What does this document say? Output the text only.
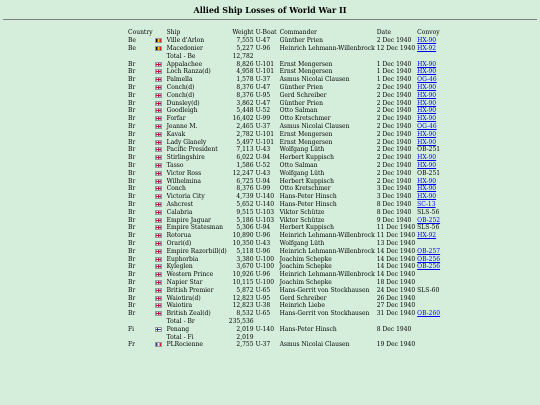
Allied Ship Losses of World War II
Country		Ship	Weight	U-Boat	Commander	Date	Convoy
Be		Ville d'Arlon	7,555	U-47	Günther Prien	2 Dec 1940	HX-90
Be		Macedonier	5,227	U-96	Heinrich Lehmann-Willenbrock	12 Dec 1940	HX-92
		Total - Be	12,782				
Br		Appalachee	8,826	U-101	Ernst Mengersen	1 Dec 1940	HX-90
Br		Loch Ranza(d)	4,958	U-101	Ernst Mengersen	1 Dec 1940	HX-90
Br		Palmella	1,578	U-37	Asmus Nicolai Clausen	1 Dec 1940	OG-46
Br		Conch(d)	8,376	U-47	Günther Prien	2 Dec 1940	HX-90
Br		Conch(d)	8,376	U-95	Gerd Schreiber	2 Dec 1940	HX-90
Br		Dunsley(d)	3,862	U-47	Günther Prien	2 Dec 1940	HX-90
Br		Goodleigh	5,448	U-52	Otto Salman	2 Dec 1940	HX-90
Br		Forfar	16,402	U-99	Otto Kretschmer	2 Dec 1940	HX-90
Br		Jeanne M.	2,465	U-37	Asmus Nicolai Clausen	2 Dec 1940	OG-46
Br		Kavak	2,782	U-101	Ernst Mengersen	2 Dec 1940	HX-90
Br		Lady Glanely	5,497	U-101	Ernst Mengersen	2 Dec 1940	HX-90
Br		Pacific President	7,113	U-43	Wolfgang Lüth	2 Dec 1940	OB-251
Br		Stirlingshire	6,022	U-94	Herbert Kuppisch	2 Dec 1940	HX-90
Br		Tasso	1,586	U-52	Otto Salman	2 Dec 1940	HX-90
Br		Victor Ross	12,247	U-43	Wolfgang Lüth	2 Dec 1940	OB-251
Br		Wilhelmina	6,725	U-94	Herbert Kuppisch	2 Dec 1940	HX-90
Br		Conch	8,376	U-99	Otto Kretschmer	3 Dec 1940	HX-90
Br		Victoria City	4,739	U-140	Hans-Peter Hinsch	3 Dec 1940	HX-90
Br		Ashcrest	5,652	U-140	Hans-Peter Hinsch	8 Dec 1940	SC-13
Br		Calabria	9,515	U-103	Viktor Schütze	8 Dec 1940	SLS-56
Br		Empire Jaguar	5,186	U-103	Viktor Schütze	9 Dec 1940	OB-252
Br		Empire Statesman	5,306	U-94	Herbert Kuppisch	11 Dec 1940	SLS-56
Br		Rotorua	10,890	U-96	Heinrich Lehmann-Willenbrock	11 Dec 1940	HX-92
Br		Orari(d)	10,350	U-43	Wolfgang Lüth	13 Dec 1940	
Br		Empire Razorbill(d)	5,118	U-96	Heinrich Lehmann-Willenbrock	14 Dec 1940	OB-257
Br		Euphorbia	3,380	U-100	Joachim Schepke	14 Dec 1940	OB-256
Br		Kyleglen	3,670	U-100	Joachim Schepke	14 Dec 1940	OB-256
Br		Western Prince	10,926	U-96	Heinrich Lehmann-Willenbrock	14 Dec 1940	
Br		Napier Star	10,115	U-100	Joachim Schepke	18 Dec 1940	
Br		British Premier	5,872	U-65	Hans-Gerrit von Stockhausen	24 Dec 1940	SLS-60
Br		Waiotira(d)	12,823	U-95	Gerd Schreiber	26 Dec 1940	
Br		Waiotira	12,823	U-38	Heinrich Liebe	27 Dec 1940	
Br		British Zeal(d)	8,532	U-65	Hans-Gerrit von Stockhausen	31 Dec 1940	OB-260
		Total - Br	235,536				
Fi		Penang	2,019	U-140	Hans-Peter Hinsch	8 Dec 1940	
		Total - Fi	2,019				
Fr		PLRocienne	2,755	U-37	Asmus Nicolai Clausen	19 Dec 1940	
